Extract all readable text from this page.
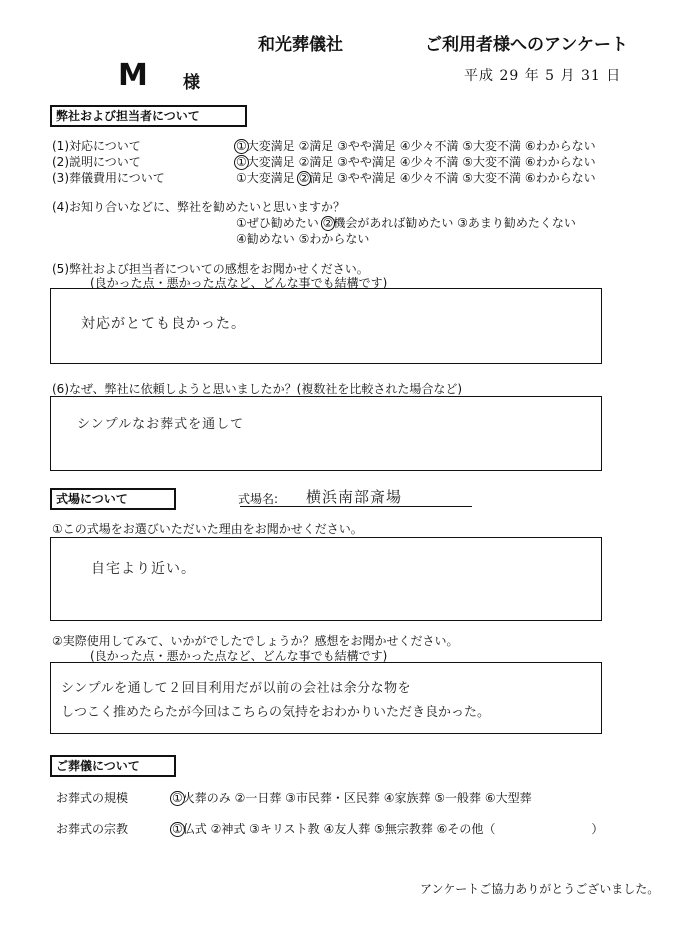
和光葬儀社	ご利用者様へのアンケート
M 様	平成 29 年 5 月 31 日
弊社および担当者について
(1)対応について	①大変満足 ②満足 ③やや満足 ④少々不満 ⑤大変不満 ⑥わからない
(2)説明について	①大変満足 ②満足 ③やや満足 ④少々不満 ⑤大変不満 ⑥わからない
(3)葬儀費用について	①大変満足 ②満足 ③やや満足 ④少々不満 ⑤大変不満 ⑥わからない
(4)お知り合いなどに、弊社を勧めたいと思いますか？
①ぜひ勧めたい ②機会があれば勧めたい ③あまり勧めたくない
④勧めない ⑤わからない
(5)弊社および担当者についての感想をお聞かせください。
(良かった点・悪かった点など、どんな事でも結構です)
対応がとても良かった。
(6)なぜ、弊社に依頼しようと思いましたか？(複数社を比較された場合など)
シンプルなお葬式を通して
式場について	式場名: 横浜南部斎場
①この式場をお選びいただいた理由をお聞かせください。
自宅より近い。
②実際使用してみて、いかがでしたでしょうか？感想をお聞かせください。
(良かった点・悪かった点など、どんな事でも結構です)
シンプルを通して２回目利用だが以前の会社は余分な物を
しつこく推めたらたが今回はこちらの気持をおわかりいただき良かった。
ご葬儀について
お葬式の規模	①火葬のみ ②一日葬 ③市民葬・区民葬 ④家族葬 ⑤一般葬 ⑥大型葬
お葬式の宗教	①仏式 ②神式 ③キリスト教 ④友人葬 ⑤無宗教葬 ⑥その他（　　　　　　　　）
アンケートご協力ありがとうございました。
